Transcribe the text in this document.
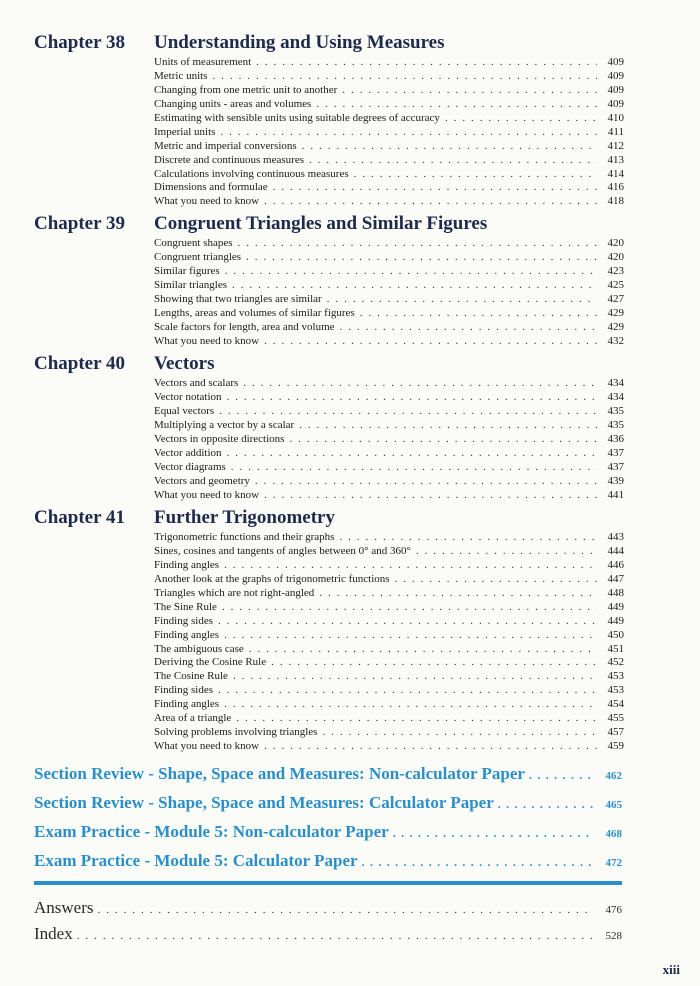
Chapter 38 Understanding and Using Measures
Units of measurement . . .	409
Metric units . . .	409
Changing from one metric unit to another . . .	409
Changing units - areas and volumes . . .	409
Estimating with sensible units using suitable degrees of accuracy . . .	410
Imperial units . . .	411
Metric and imperial conversions . . .	412
Discrete and continuous measures . . .	413
Calculations involving continuous measures . . .	414
Dimensions and formulae . . .	416
What you need to know . . .	418
Chapter 39 Congruent Triangles and Similar Figures
Congruent shapes . . .	420
Congruent triangles . . .	420
Similar figures . . .	423
Similar triangles . . .	425
Showing that two triangles are similar . . .	427
Lengths, areas and volumes of similar figures . . .	429
Scale factors for length, area and volume . . .	429
What you need to know . . .	432
Chapter 40 Vectors
Vectors and scalars . . .	434
Vector notation . . .	434
Equal vectors . . .	435
Multiplying a vector by a scalar . . .	435
Vectors in opposite directions . . .	436
Vector addition . . .	437
Vector diagrams . . .	437
Vectors and geometry . . .	439
What you need to know . . .	441
Chapter 41 Further Trigonometry
Trigonometric functions and their graphs . . .	443
Sines, cosines and tangents of angles between 0° and 360° . . .	444
Finding angles . . .	446
Another look at the graphs of trigonometric functions . . .	447
Triangles which are not right-angled . . .	448
The Sine Rule . . .	449
Finding sides . . .	449
Finding angles . . .	450
The ambiguous case . . .	451
Deriving the Cosine Rule . . .	452
The Cosine Rule . . .	453
Finding sides . . .	453
Finding angles . . .	454
Area of a triangle . . .	455
Solving problems involving triangles . . .	457
What you need to know . . .	459
Section Review - Shape, Space and Measures: Non-calculator Paper . . .	462
Section Review - Shape, Space and Measures: Calculator Paper . . .	465
Exam Practice - Module 5: Non-calculator Paper . . .	468
Exam Practice - Module 5: Calculator Paper . . .	472
Answers . . .	476
Index . . .	528
xiii
